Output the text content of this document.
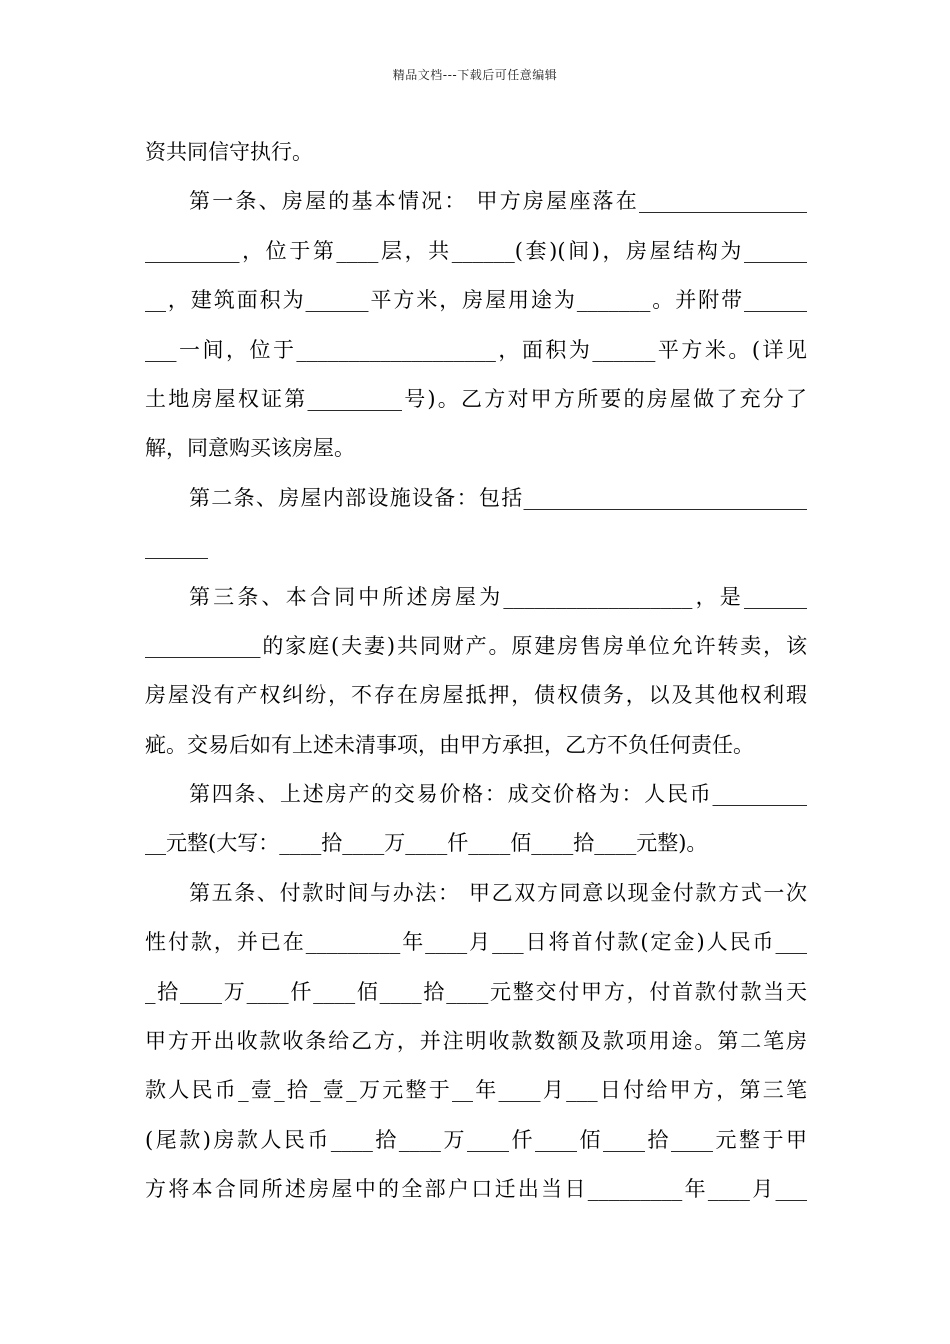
精品文档---下载后可任意编辑
资共同信守执行。
第一条、房屋的基本情况： 甲方房屋座落在________________
_________，位于第____层，共______(套)(间)，房屋结构为______
__，建筑面积为______平方米，房屋用途为_______。并附带______
___一间，位于___________________，面积为______平方米。(详见
土地房屋权证第_________号)。乙方对甲方所要的房屋做了充分了
解，同意购买该房屋。
第二条、房屋内部设施设备：包括___________________________
______
第三条、本合同中所述房屋为__________________，是______
___________的家庭(夫妻)共同财产。原建房售房单位允许转卖，该
房屋没有产权纠纷，不存在房屋抵押，债权债务，以及其他权利瑕
疵。交易后如有上述未清事项，由甲方承担，乙方不负任何责任。
第四条、上述房产的交易价格：成交价格为：人民币_________
__元整(大写：____拾____万____仟____佰____拾____元整)。
第五条、付款时间与办法： 甲乙双方同意以现金付款方式一次
性付款，并已在_________年____月___日将首付款(定金)人民币___
_拾____万____仟____佰____拾____元整交付甲方，付首款付款当天
甲方开出收款收条给乙方，并注明收款数额及款项用途。第二笔房
款人民币_壹_拾_壹_万元整于__年____月___日付给甲方，第三笔
(尾款)房款人民币____拾____万____仟____佰____拾____元整于甲
方将本合同所述房屋中的全部户口迁出当日_________年____月___
